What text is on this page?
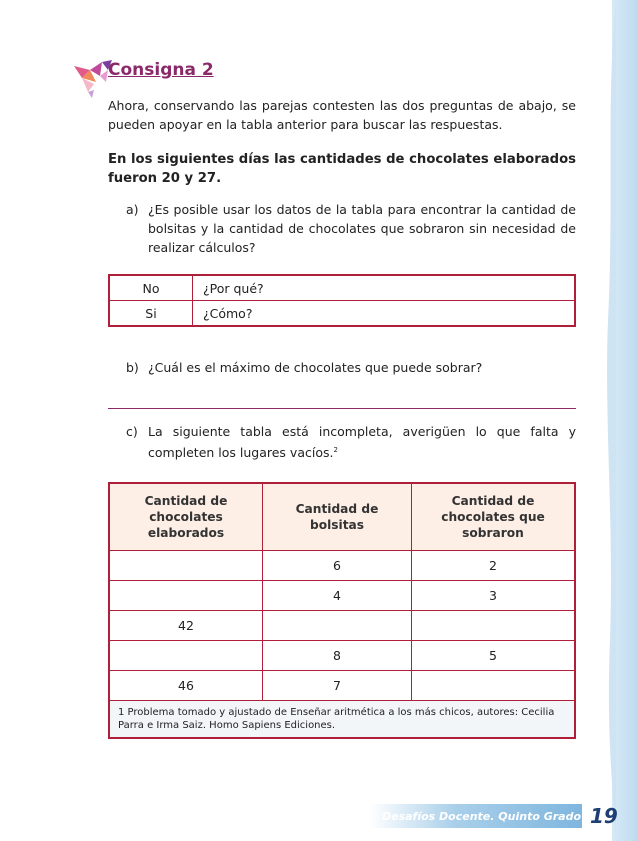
Consigna 2
Ahora, conservando las parejas contesten las dos preguntas de abajo, se pueden apoyar en la tabla anterior para buscar las respuestas.
En los siguientes días las cantidades de chocolates elaborados fueron 20 y 27.
a) ¿Es posible usar los datos de la tabla para encontrar la cantidad de bolsitas y la cantidad de chocolates que sobraron sin necesidad de realizar cálculos?
No	¿Por qué?
Si	¿Cómo?
b) ¿Cuál es el máximo de chocolates que puede sobrar?
c) La siguiente tabla está incompleta, averigüen lo que falta y completen los lugares vacíos.$^2$
Cantidad de chocolates elaborados	Cantidad de bolsitas	Cantidad de chocolates que sobraron
	6	2
	4	3
42		
	8	5
46	7	
1 Problema tomado y ajustado de Enseñar aritmética a los más chicos, autores: Cecilia Parra e Irma Saiz. Homo Sapiens Ediciones.		
Desafíos Docente. Quinto Grado 19
